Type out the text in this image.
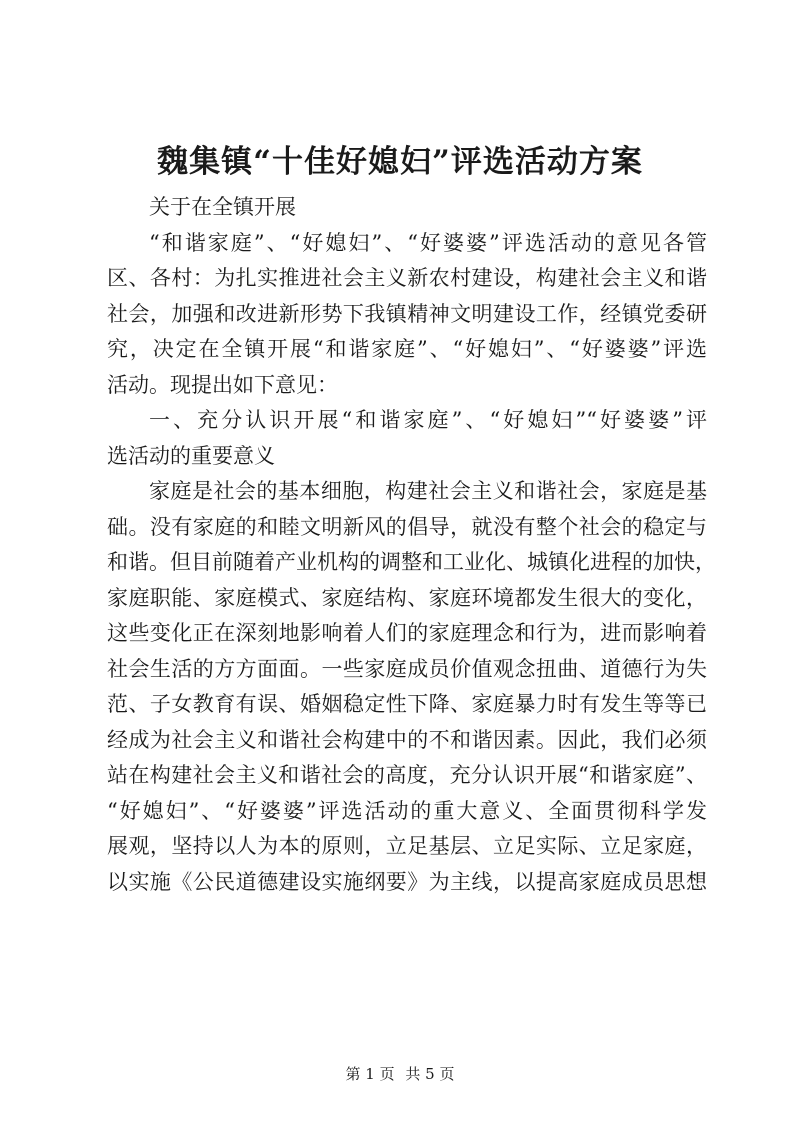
魏集镇“十佳好媳妇”评选活动方案
关于在全镇开展
“和谐家庭”、“好媳妇”、“好婆婆”评选活动的意见各管
区、各村：为扎实推进社会主义新农村建设，构建社会主义和谐
社会，加强和改进新形势下我镇精神文明建设工作，经镇党委研
究，决定在全镇开展“和谐家庭”、“好媳妇”、“好婆婆”评选
活动。现提出如下意见：
一、充分认识开展“和谐家庭”、“好媳妇”“好婆婆”评
选活动的重要意义
家庭是社会的基本细胞，构建社会主义和谐社会，家庭是基
础。没有家庭的和睦文明新风的倡导，就没有整个社会的稳定与
和谐。但目前随着产业机构的调整和工业化、城镇化进程的加快，
家庭职能、家庭模式、家庭结构、家庭环境都发生很大的变化，
这些变化正在深刻地影响着人们的家庭理念和行为，进而影响着
社会生活的方方面面。一些家庭成员价值观念扭曲、道德行为失
范、子女教育有误、婚姻稳定性下降、家庭暴力时有发生等等已
经成为社会主义和谐社会构建中的不和谐因素。因此，我们必须
站在构建社会主义和谐社会的高度，充分认识开展“和谐家庭”、
“好媳妇”、“好婆婆”评选活动的重大意义、全面贯彻科学发
展观，坚持以人为本的原则，立足基层、立足实际、立足家庭，
以实施《公民道德建设实施纲要》为主线，以提高家庭成员思想
第 1 页 共 5 页
